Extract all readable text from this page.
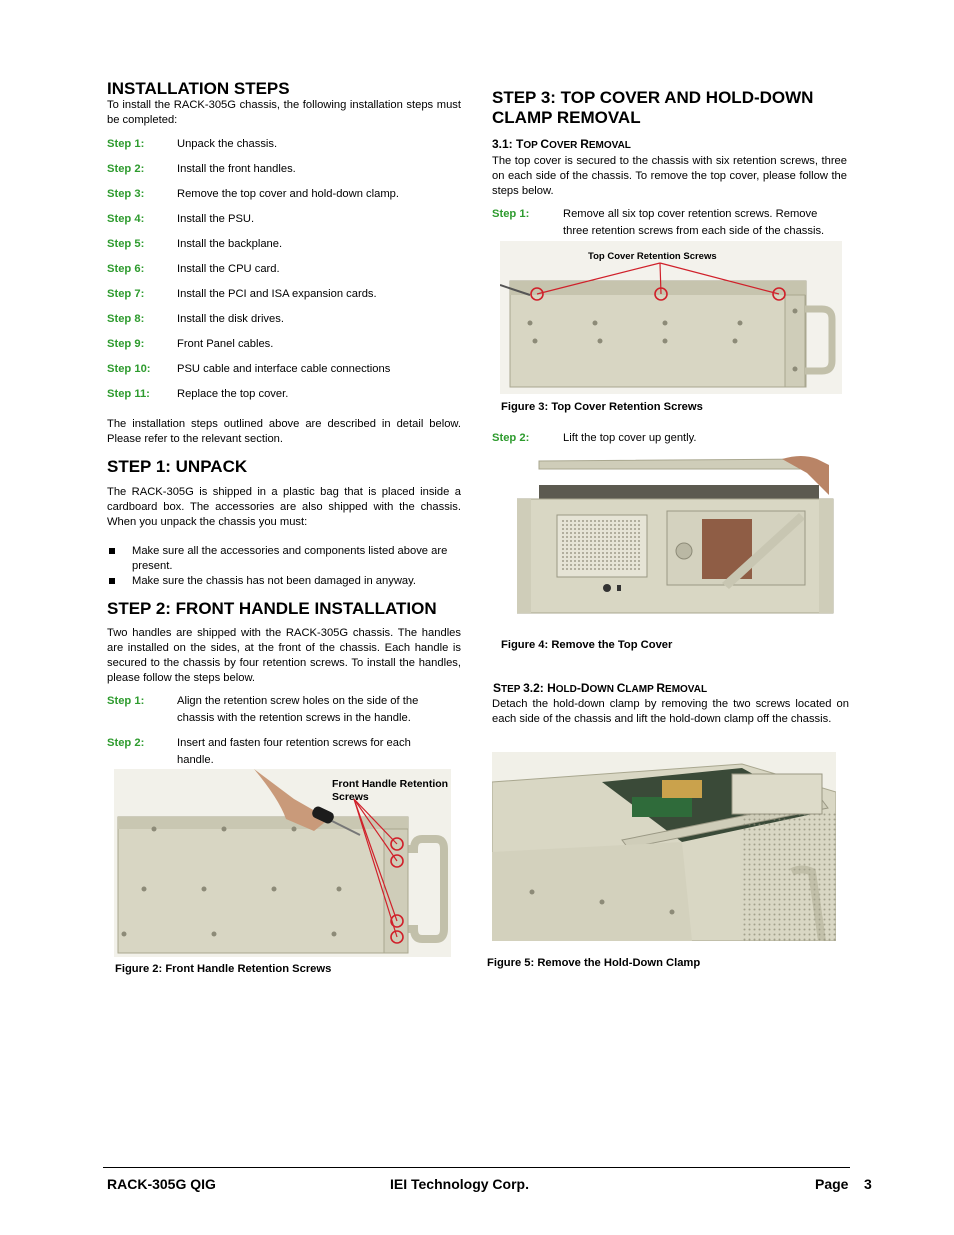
INSTALLATION STEPS

To install the RACK-305G chassis, the following installation steps must be completed:

Step 1:	Unpack the chassis.
Step 2:	Install the front handles.
Step 3:	Remove the top cover and hold-down clamp.
Step 4:	Install the PSU.
Step 5:	Install the backplane.
Step 6:	Install the CPU card.
Step 7:	Install the PCI and ISA expansion cards.
Step 8:	Install the disk drives.
Step 9:	Front Panel cables.
Step 10: PSU cable and interface cable connections
Step 11: Replace the top cover.

The installation steps outlined above are described in detail below. Please refer to the relevant section.

STEP 1: UNPACK

The RACK-305G is shipped in a plastic bag that is placed inside a cardboard box. The accessories are also shipped with the chassis. When you unpack the chassis you must:

Make sure all the accessories and components listed above are present.
Make sure the chassis has not been damaged in anyway.
STEP 2: FRONT HANDLE INSTALLATION

Two handles are shipped with the RACK-305G chassis. The handles are installed on the sides, at the front of the chassis. Each handle is secured to the chassis by four retention screws. To install the handles, please follow the steps below.

Step 1:	Align the retention screw holes on the side of the chassis with the retention screws in the handle.
Step 2:	Insert and fasten four retention screws for each handle.
Front Handle Retention Screws
Figure 2: Front Handle Retention Screws
STEP 3: TOP COVER AND HOLD-DOWN CLAMP REMOVAL
3.1: TOP COVER REMOVAL

The top cover is secured to the chassis with six retention screws, three on each side of the chassis. To remove the top cover, please follow the steps below.

Step 1:	Remove all six top cover retention screws. Remove three retention screws from each side of the chassis.
Top Cover Retention Screws
Figure 3: Top Cover Retention Screws
Step 2:	Lift the top cover up gently.
Figure 4: Remove the Top Cover
STEP 3.2: HOLD-DOWN CLAMP REMOVAL

Detach the hold-down clamp by removing the two screws located on each side of the chassis and lift the hold-down clamp off the chassis.

Figure 5: Remove the Hold-Down Clamp
RACK-305G QIG	IEI Technology Corp.	Page 3
